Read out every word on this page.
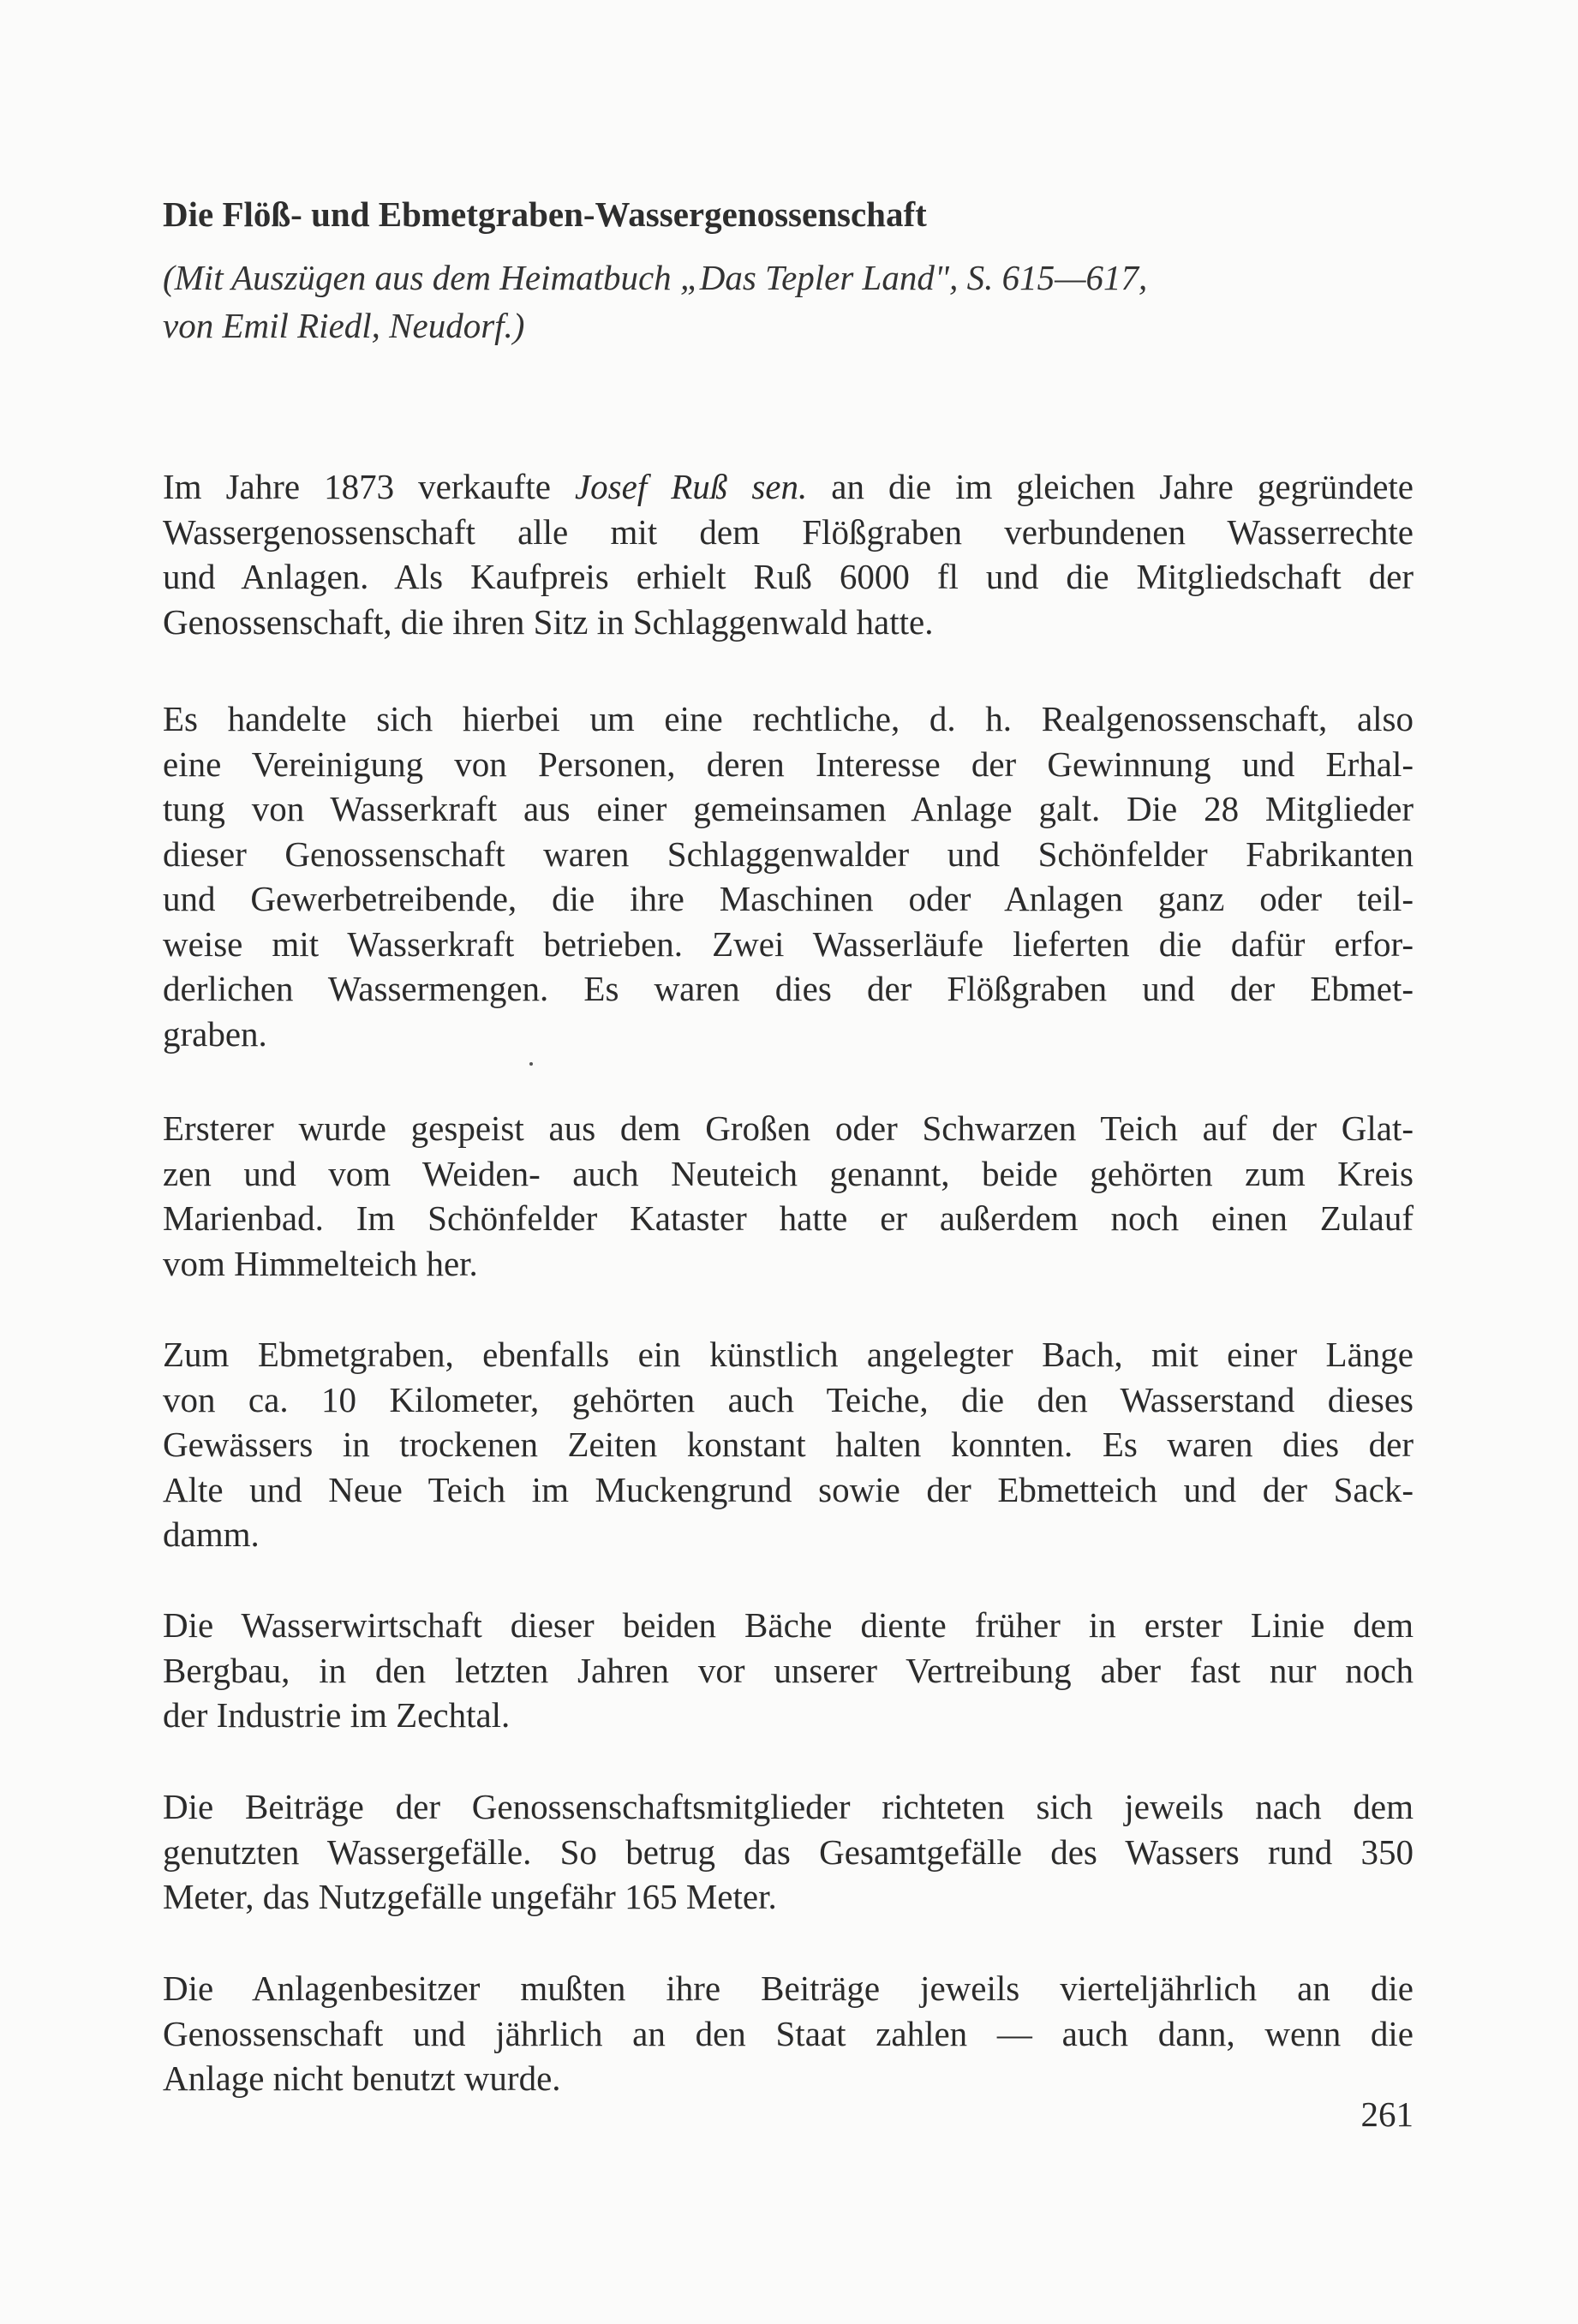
Die Flöß- und Ebmetgraben-Wassergenossenschaft

(Mit Auszügen aus dem Heimatbuch „Das Tepler Land", S. 615—617,
von Emil Riedl, Neudorf.)

Im Jahre 1873 verkaufte Josef Ruß sen. an die im gleichen Jahre gegründete
Wassergenossenschaft alle mit dem Flößgraben verbundenen Wasserrechte
und Anlagen. Als Kaufpreis erhielt Ruß 6000 fl und die Mitgliedschaft der
Genossenschaft, die ihren Sitz in Schlaggenwald hatte.

Es handelte sich hierbei um eine rechtliche, d. h. Realgenossenschaft, also
eine Vereinigung von Personen, deren Interesse der Gewinnung und Erhal-
tung von Wasserkraft aus einer gemeinsamen Anlage galt. Die 28 Mitglieder
dieser Genossenschaft waren Schlaggenwalder und Schönfelder Fabrikanten
und Gewerbetreibende, die ihre Maschinen oder Anlagen ganz oder teil-
weise mit Wasserkraft betrieben. Zwei Wasserläufe lieferten die dafür erfor-
derlichen Wassermengen. Es waren dies der Flößgraben und der Ebmet-
graben.

Ersterer wurde gespeist aus dem Großen oder Schwarzen Teich auf der Glat-
zen und vom Weiden- auch Neuteich genannt, beide gehörten zum Kreis
Marienbad. Im Schönfelder Kataster hatte er außerdem noch einen Zulauf
vom Himmelteich her.

Zum Ebmetgraben, ebenfalls ein künstlich angelegter Bach, mit einer Länge
von ca. 10 Kilometer, gehörten auch Teiche, die den Wasserstand dieses
Gewässers in trockenen Zeiten konstant halten konnten. Es waren dies der
Alte und Neue Teich im Muckengrund sowie der Ebmetteich und der Sack-
damm.

Die Wasserwirtschaft dieser beiden Bäche diente früher in erster Linie dem
Bergbau, in den letzten Jahren vor unserer Vertreibung aber fast nur noch
der Industrie im Zechtal.

Die Beiträge der Genossenschaftsmitglieder richteten sich jeweils nach dem
genutzten Wassergefälle. So betrug das Gesamtgefälle des Wassers rund 350
Meter, das Nutzgefälle ungefähr 165 Meter.

Die Anlagenbesitzer mußten ihre Beiträge jeweils vierteljährlich an die
Genossenschaft und jährlich an den Staat zahlen — auch dann, wenn die
Anlage nicht benutzt wurde.

261
